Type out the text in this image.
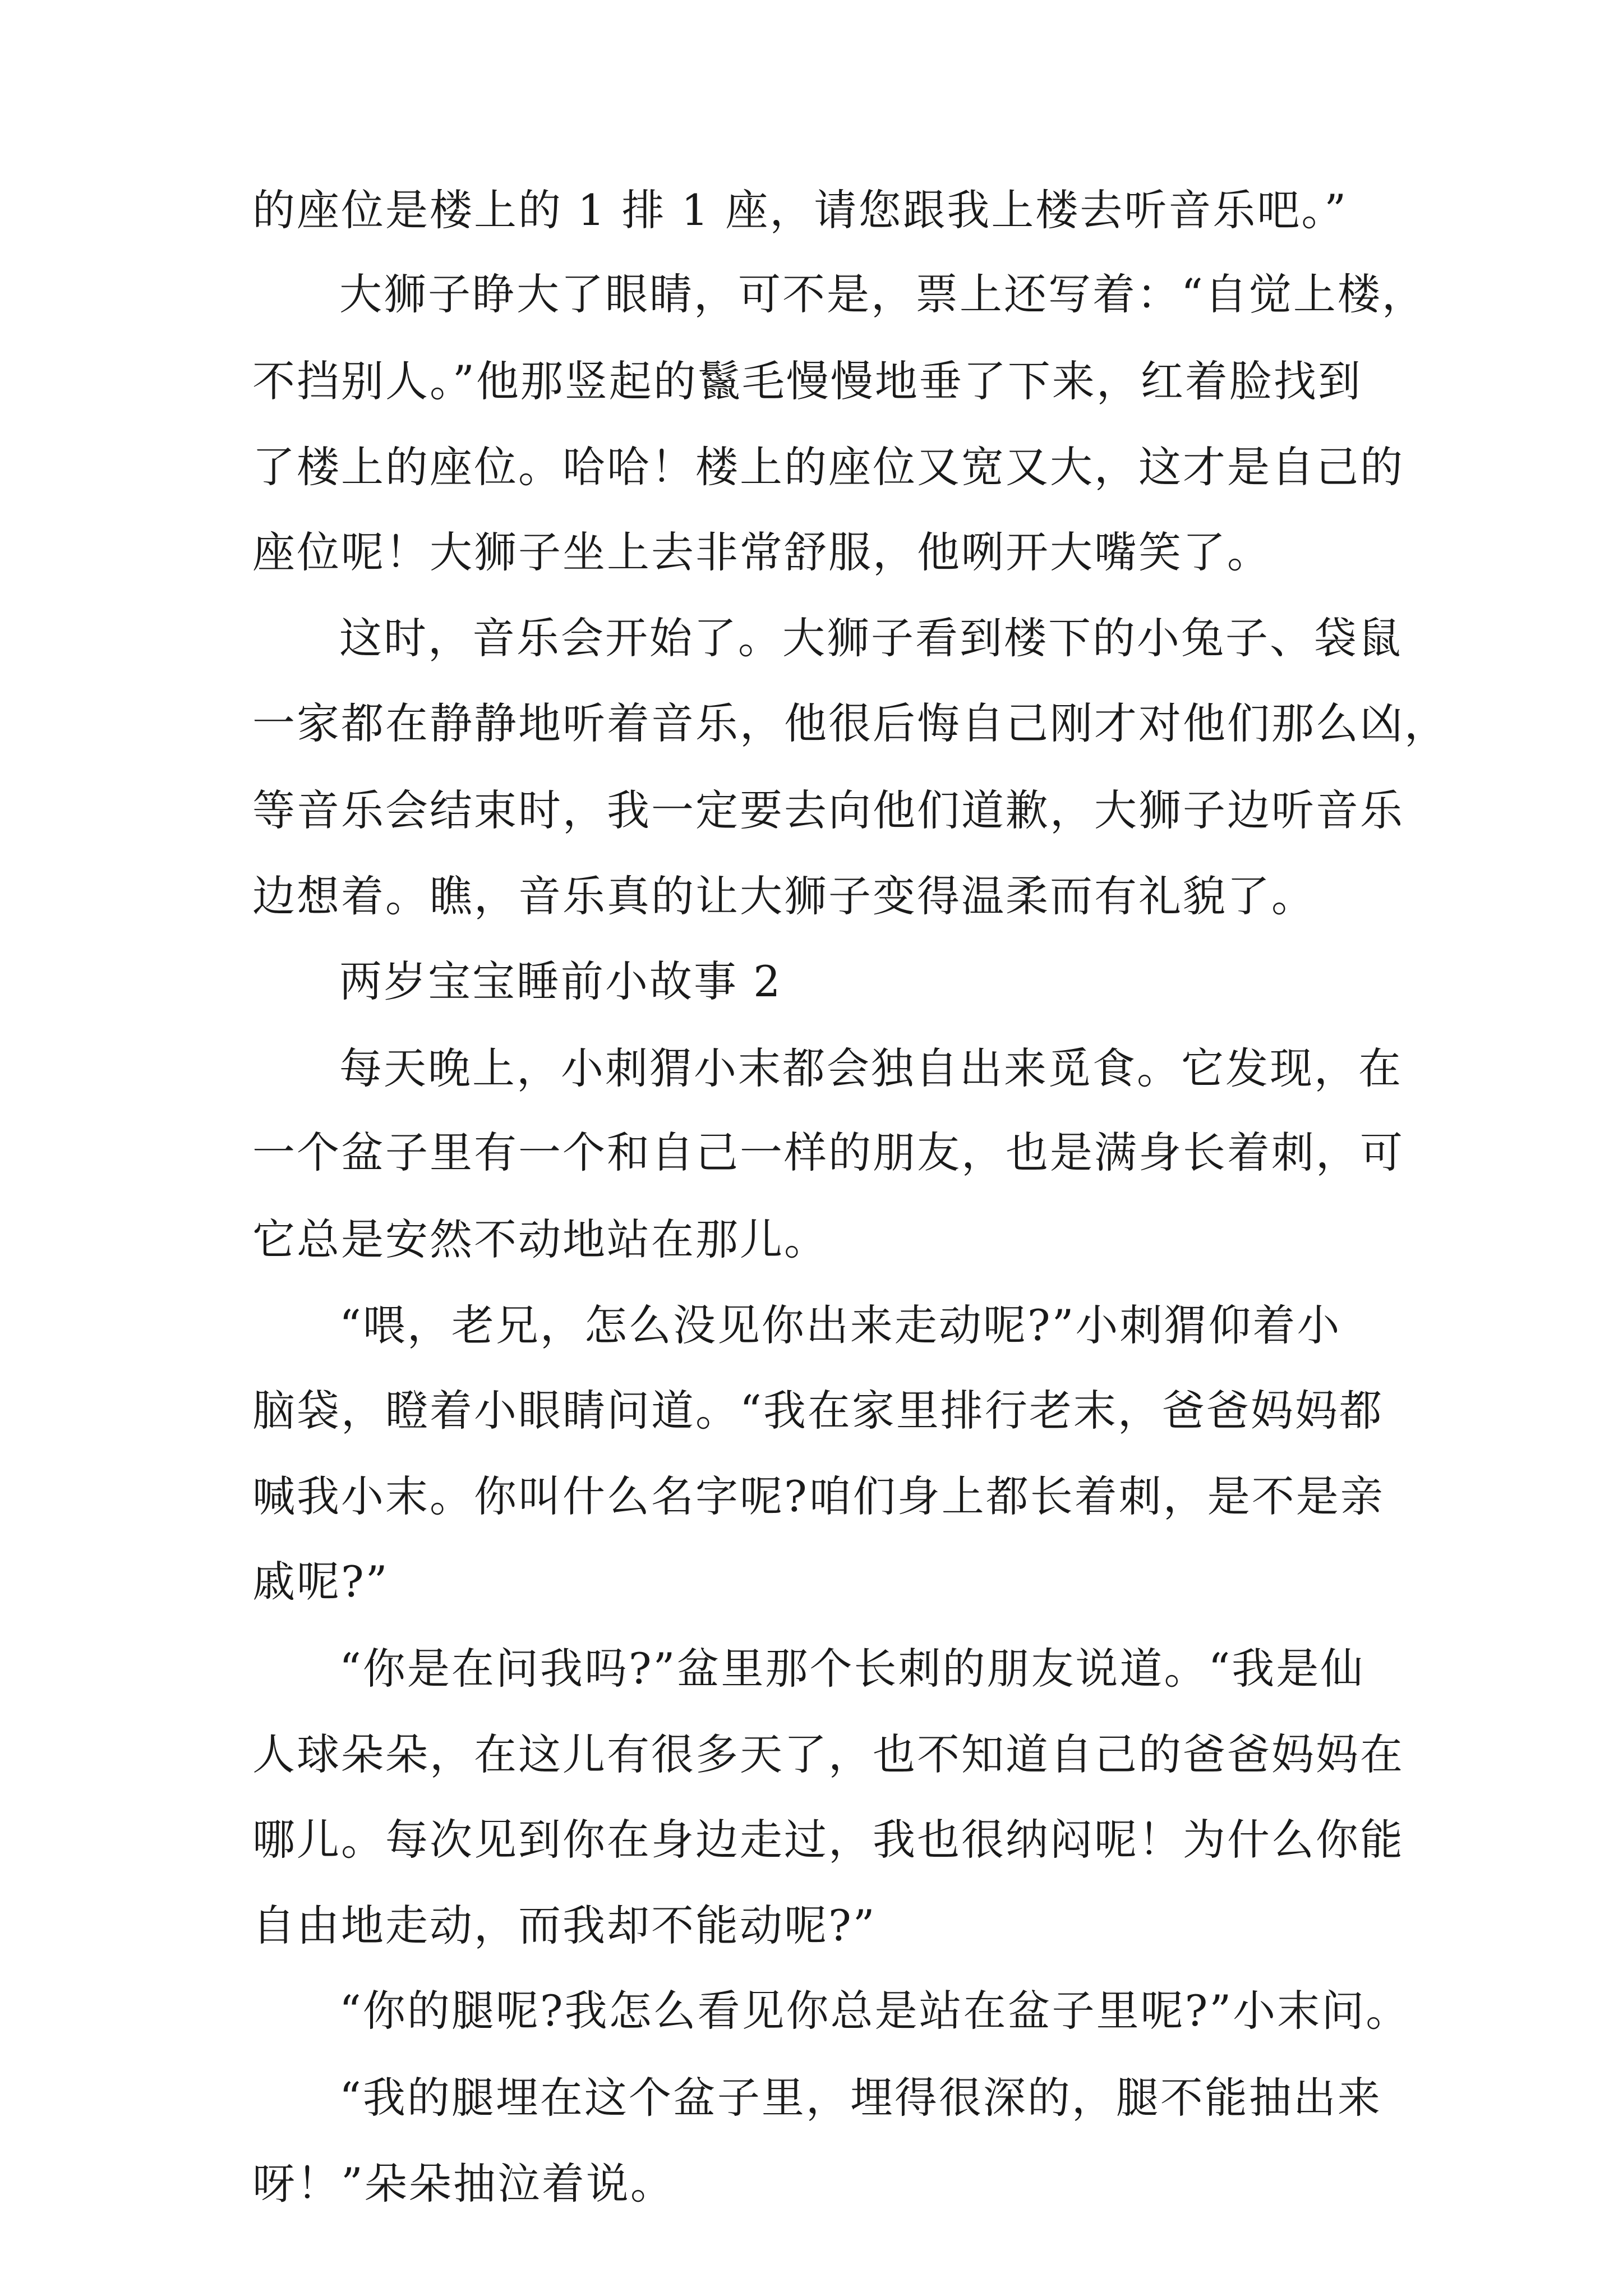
的座位是楼上的 1 排 1 座，请您跟我上楼去听音乐吧。”

大狮子睁大了眼睛，可不是，票上还写着：“自觉上楼，

不挡别人。”他那竖起的鬣毛慢慢地垂了下来，红着脸找到

了楼上的座位。哈哈！楼上的座位又宽又大，这才是自己的

座位呢！大狮子坐上去非常舒服，他咧开大嘴笑了。

这时，音乐会开始了。大狮子看到楼下的小兔子、袋鼠

一家都在静静地听着音乐，他很后悔自己刚才对他们那么凶，

等音乐会结束时，我一定要去向他们道歉，大狮子边听音乐

边想着。瞧，音乐真的让大狮子变得温柔而有礼貌了。

两岁宝宝睡前小故事 2

每天晚上，小刺猬小末都会独自出来觅食。它发现，在

一个盆子里有一个和自己一样的朋友，也是满身长着刺，可

它总是安然不动地站在那儿。

“喂，老兄，怎么没见你出来走动呢?”小刺猬仰着小

脑袋，瞪着小眼睛问道。“我在家里排行老末，爸爸妈妈都

喊我小末。你叫什么名字呢?咱们身上都长着刺，是不是亲

戚呢?”

“你是在问我吗?”盆里那个长刺的朋友说道。“我是仙

人球朵朵，在这儿有很多天了，也不知道自己的爸爸妈妈在

哪儿。每次见到你在身边走过，我也很纳闷呢！为什么你能

自由地走动，而我却不能动呢?”

“你的腿呢?我怎么看见你总是站在盆子里呢?”小末问。

“我的腿埋在这个盆子里，埋得很深的，腿不能抽出来

呀！”朵朵抽泣着说。
